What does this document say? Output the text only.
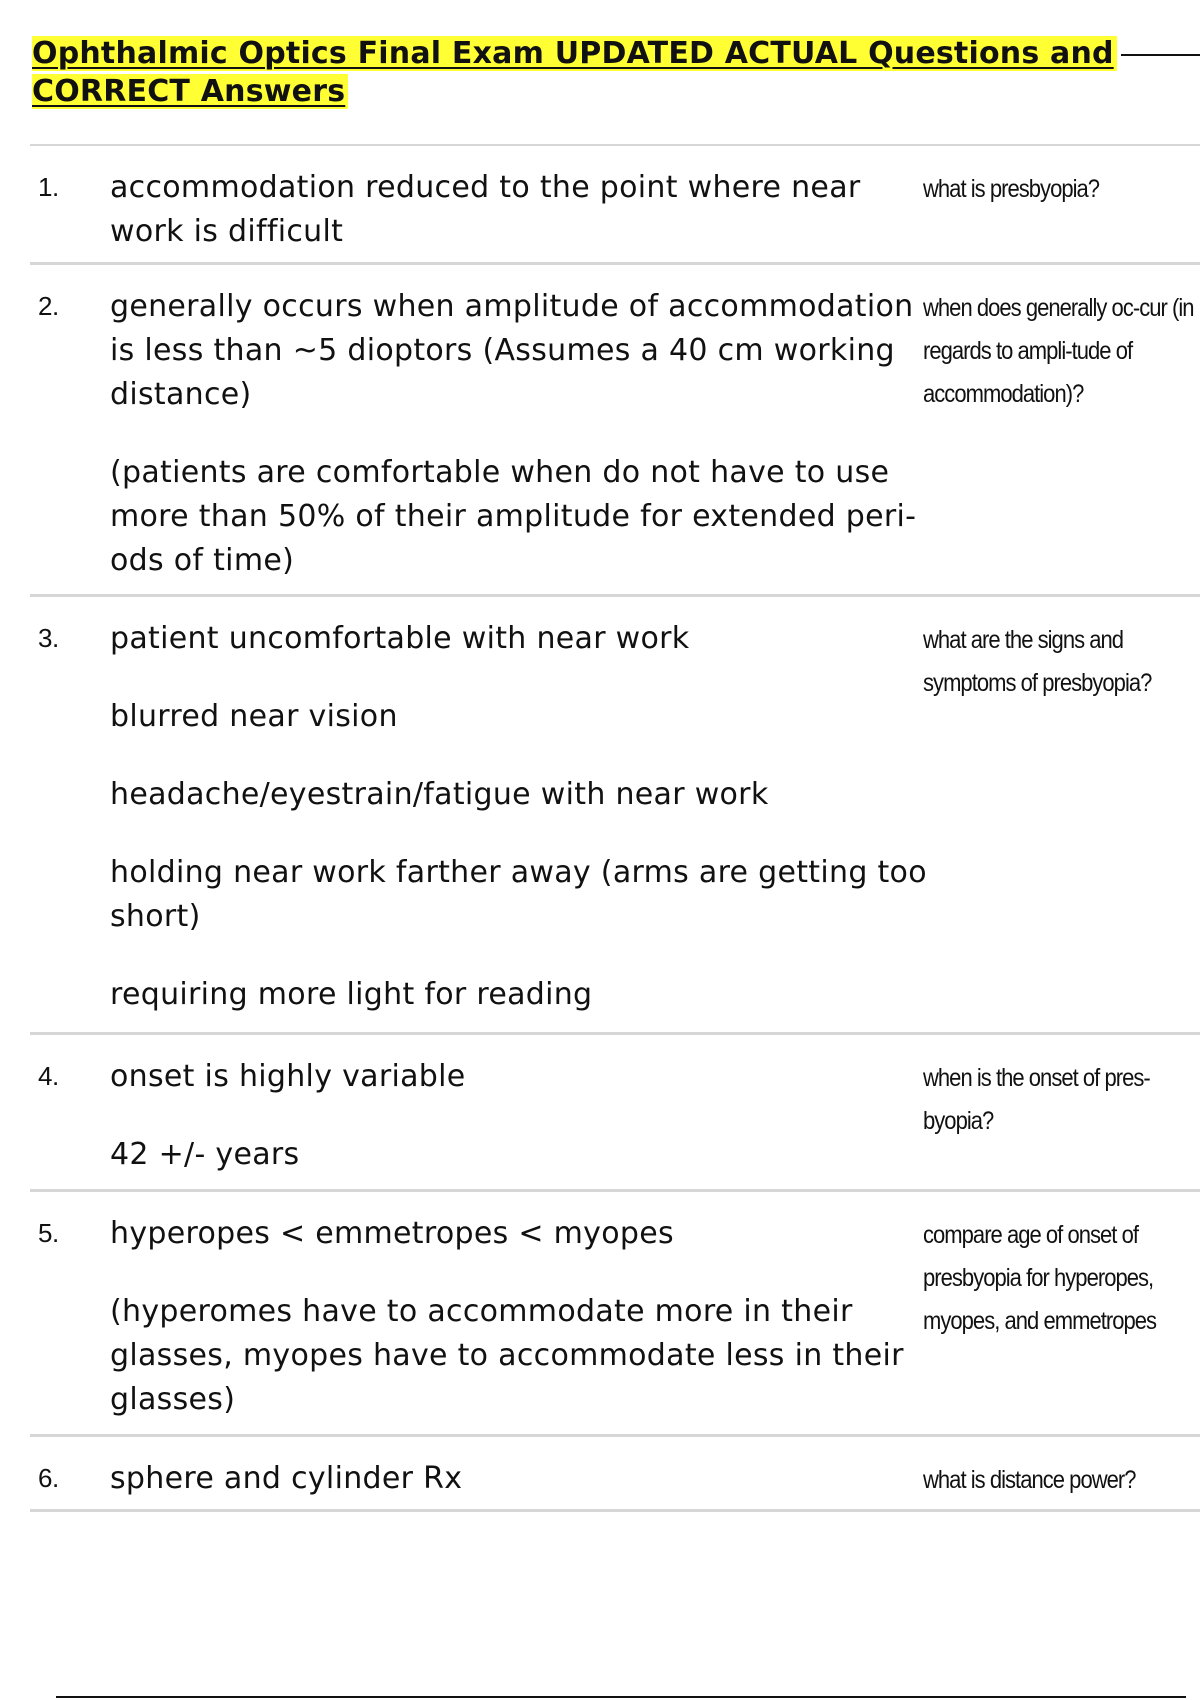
Ophthalmic Optics Final Exam UPDATED ACTUAL Questions and
CORRECT Answers
1. accommodation reduced to the point where near work is difficult

what is presbyopia?
2. generally occurs when amplitude of accommodation is less than ~5 dioptors (Assumes a 40 cm working distance)

(patients are comfortable when do not have to use more than 50% of their amplitude for extended peri-ods of time)

when does generally oc-cur (in regards to ampli-tude of accommodation)?
3. patient uncomfortable with near work

blurred near vision

headache/eyestrain/fatigue with near work

holding near work farther away (arms are getting too short)

requiring more light for reading

what are the signs and symptoms of presbyopia?
4. onset is highly variable

42 +/- years

when is the onset of pres-byopia?
5. hyperopes < emmetropes < myopes

(hyperomes have to accommodate more in their glasses, myopes have to accommodate less in their glasses)

compare age of onset of presbyopia for hyperopes, myopes, and emmetropes
6. sphere and cylinder Rx	what is distance power?
